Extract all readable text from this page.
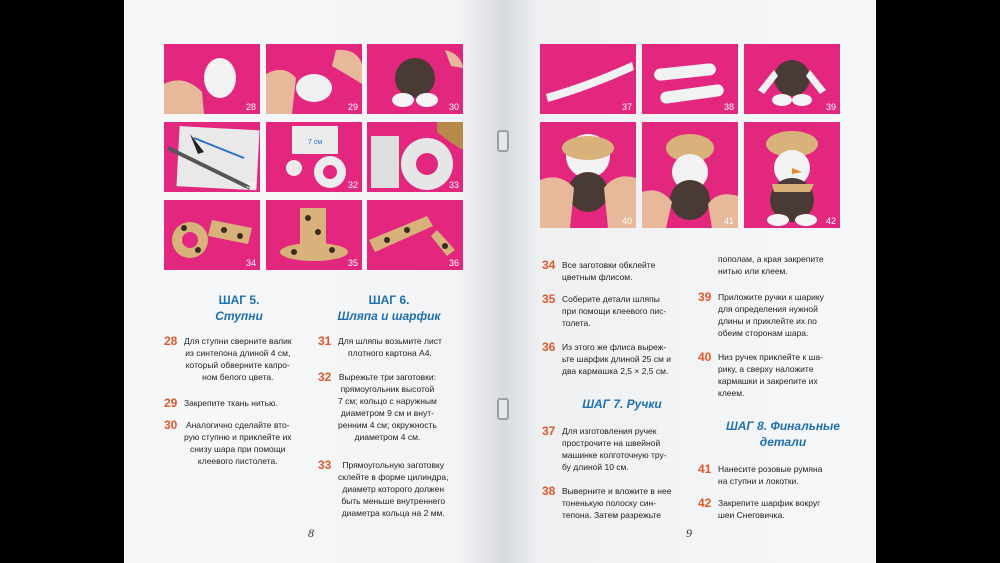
28	29	30
31
7 см
32	33
34	35	36
ШАГ 5.
Ступни
ШАГ 6.
Шляпа и шарфик
28 Для ступни сверните валик
из синтепона длиной 4 см,
который обверните капро-
ном белого цвета.
29 Закрепите ткань нитью.
30 Аналогично сделайте вто-
рую ступню и приклейте их
снизу шара при помощи
клеевого пистолета.
31 Для шляпы возьмите лист
плотного картона А4.
32 Вырежьте три заготовки:
прямоугольник высотой
7 см; кольцо с наружным
диаметром 9 см и внут-
ренним 4 см; окружность
диаметром 4 см.
33	Прямоугольную заготовку
склейте в форме цилиндра,
диаметр которого должен
быть меньше внутреннего
диаметра кольца на 2 мм.
8
37	38	39
40	41	42
34 Все заготовки обклейте
цветным флисом.
35 Соберите детали шляпы
при помощи клеевого пис-
толета.
36 Из этого же флиса выреж-
ьте шарфик длиной 25 см и
два кармашка 2,5 × 2,5 см.
ШАГ 7. Ручки
37 Для изготовления ручек
прострочите на швейной
машинке колготочную тру-
бу длиной 10 см.
38 Выверните и вложите в нее
тоненькую полоску син-
тепона. Затем разрежьте
пополам, а края закрепите
нитью или клеем.
39 Приложите ручки к шарику
для определения нужной
длины и приклейте их по
обеим сторонам шара.
40 Низ ручек приклейте к ша-
рику, а сверху наложите
кармашки и закрепите их
клеем.
ШАГ 8. Финальные
детали
41 Нанесите розовые румяна
на ступни и локотки.
42 Закрепите шарфик вокруг
шеи Снеговичка.
9
